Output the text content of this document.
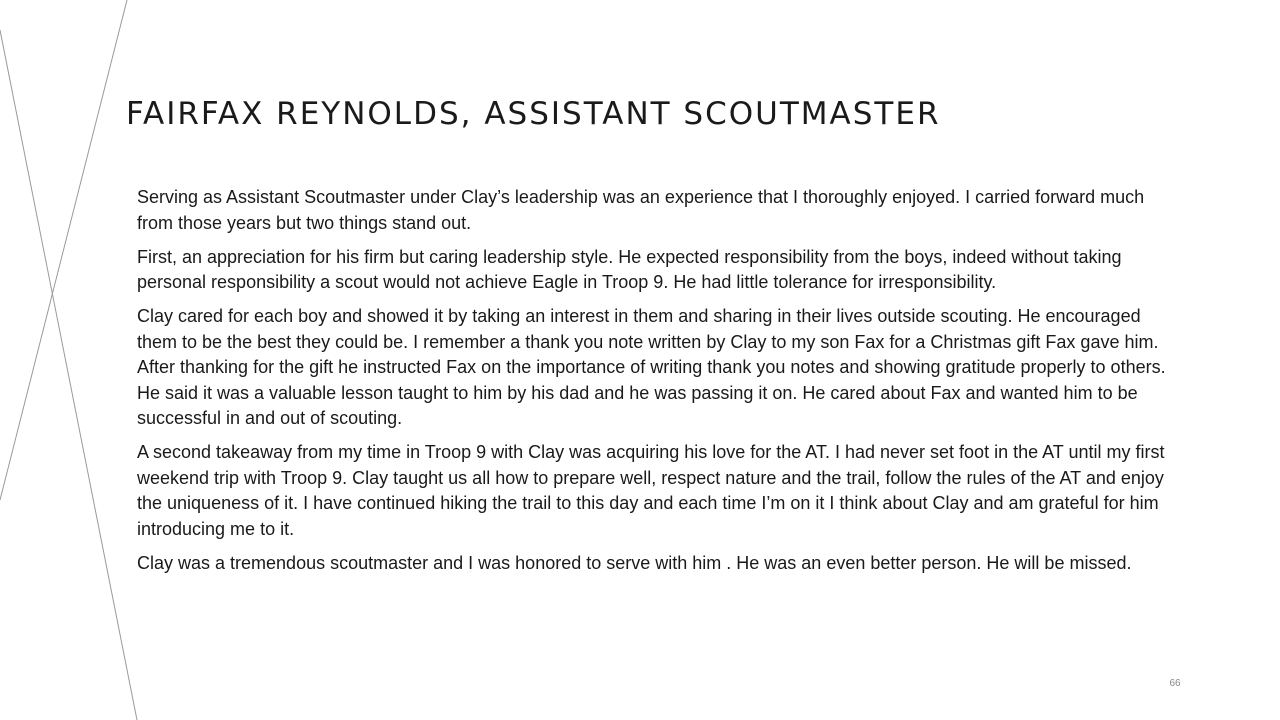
FAIRFAX REYNOLDS, ASSISTANT SCOUTMASTER

Serving as Assistant Scoutmaster under Clay’s leadership was an experience that I thoroughly enjoyed. I carried forward much from those years but two things stand out.

First, an appreciation for his firm but caring leadership style. He expected responsibility from the boys, indeed without taking personal responsibility a scout would not achieve Eagle in Troop 9. He had little tolerance for irresponsibility.

Clay cared for each boy and showed it by taking an interest in them and sharing in their lives outside scouting. He encouraged them to be the best they could be. I remember a thank you note written by Clay to my son Fax for a Christmas gift Fax gave him. After thanking for the gift he instructed Fax on the importance of writing thank you notes and showing gratitude properly to others. He said it was a valuable lesson taught to him by his dad and he was passing it on. He cared about Fax and wanted him to be successful in and out of scouting.

A second takeaway from my time in Troop 9 with Clay was acquiring his love for the AT. I had never set foot in the AT until my first weekend trip with Troop 9. Clay taught us all how to prepare well, respect nature and the trail, follow the rules of the AT and enjoy the uniqueness of it. I have continued hiking the trail to this day and each time I’m on it I think about Clay and am grateful for him introducing me to it.

Clay was a tremendous scoutmaster and I was honored to serve with him . He was an even better person. He will be missed.

66
